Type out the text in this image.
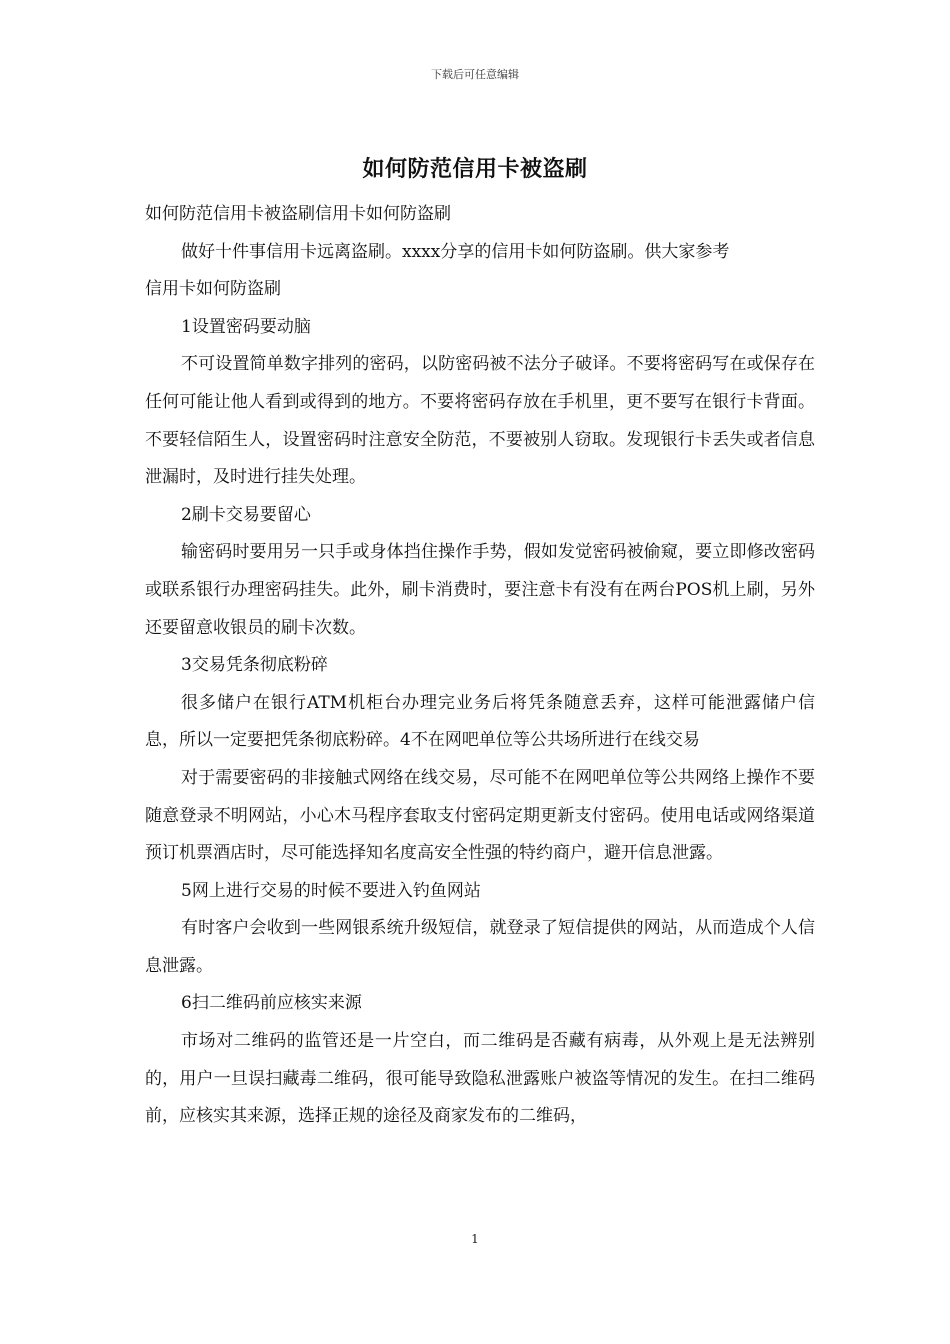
下载后可任意编辑
如何防范信用卡被盗刷

如何防范信用卡被盗刷信用卡如何防盗刷

做好十件事信用卡远离盗刷。xxxx分享的信用卡如何防盗刷。供大家参考

信用卡如何防盗刷

1设置密码要动脑

不可设置简单数字排列的密码，以防密码被不法分子破译。不要将密码写在或保存在任何可能让他人看到或得到的地方。不要将密码存放在手机里，更不要写在银行卡背面。不要轻信陌生人，设置密码时注意安全防范，不要被别人窃取。发现银行卡丢失或者信息泄漏时，及时进行挂失处理。

2刷卡交易要留心

输密码时要用另一只手或身体挡住操作手势，假如发觉密码被偷窥，要立即修改密码或联系银行办理密码挂失。此外，刷卡消费时，要注意卡有没有在两台POS机上刷，另外还要留意收银员的刷卡次数。

3交易凭条彻底粉碎

很多储户在银行ATM机柜台办理完业务后将凭条随意丢弃，这样可能泄露储户信息，所以一定要把凭条彻底粉碎。4不在网吧单位等公共场所进行在线交易

对于需要密码的非接触式网络在线交易，尽可能不在网吧单位等公共网络上操作不要随意登录不明网站，小心木马程序套取支付密码定期更新支付密码。使用电话或网络渠道预订机票酒店时，尽可能选择知名度高安全性强的特约商户，避开信息泄露。

5网上进行交易的时候不要进入钓鱼网站

有时客户会收到一些网银系统升级短信，就登录了短信提供的网站，从而造成个人信息泄露。

6扫二维码前应核实来源

市场对二维码的监管还是一片空白，而二维码是否藏有病毒，从外观上是无法辨别的，用户一旦误扫藏毒二维码，很可能导致隐私泄露账户被盗等情况的发生。在扫二维码前，应核实其来源，选择正规的途径及商家发布的二维码，

1
